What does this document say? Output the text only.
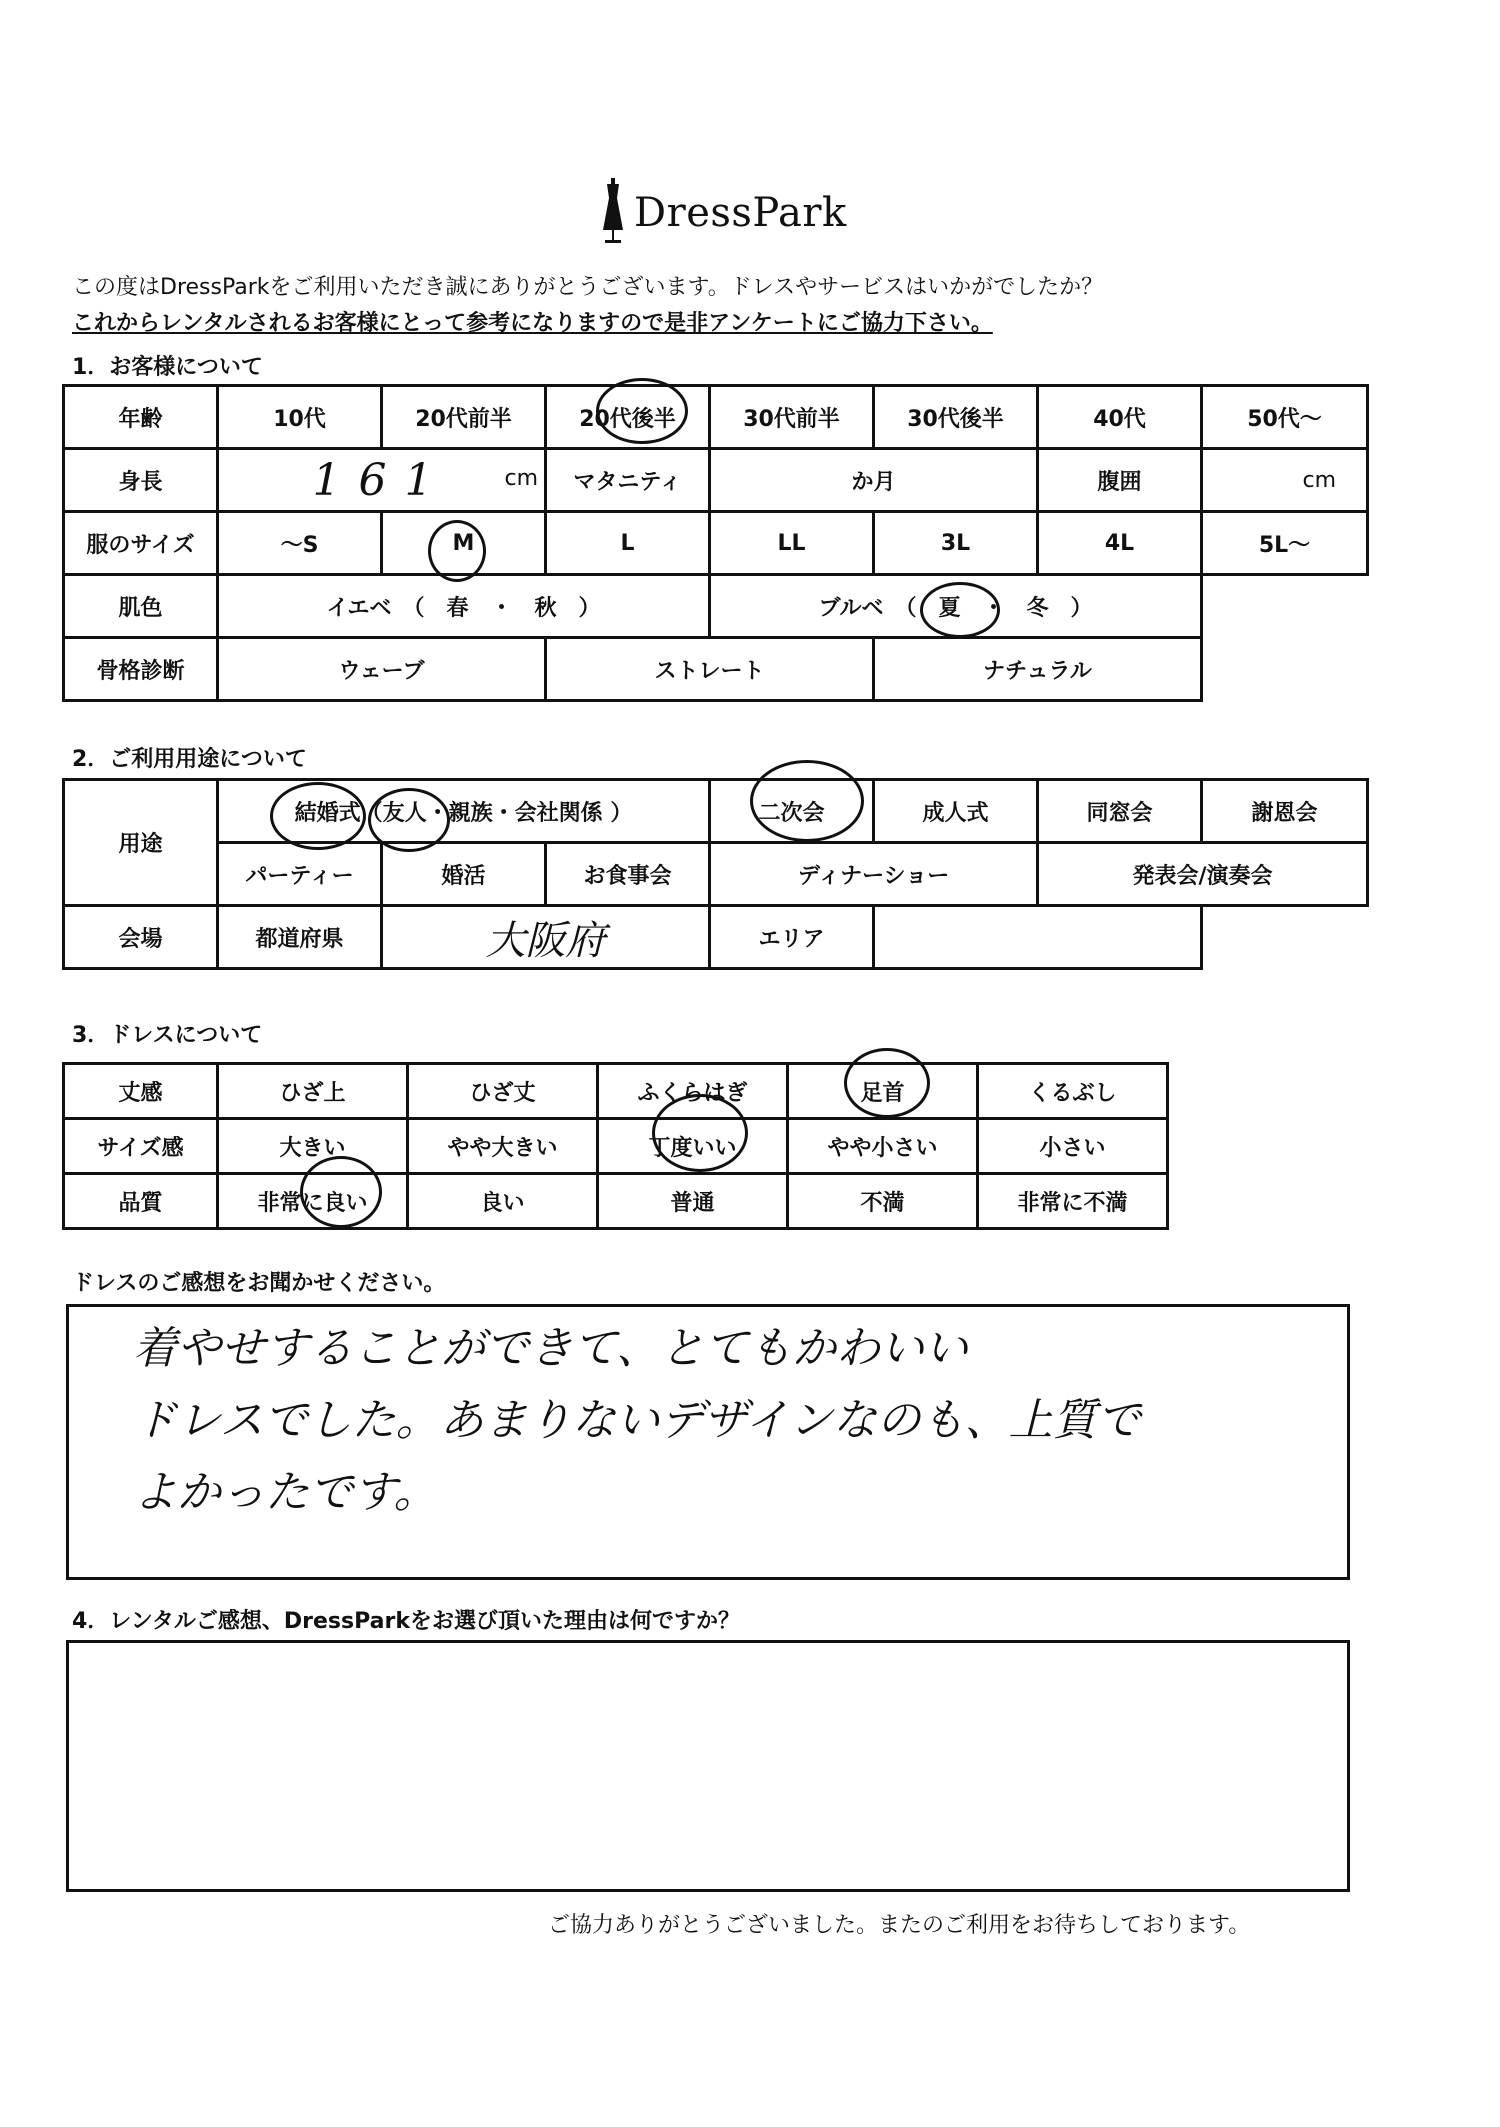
DressPark
この度はDressParkをご利用いただき誠にありがとうございます。ドレスやサービスはいかがでしたか？
これからレンタルされるお客様にとって参考になりますので是非アンケートにご協力下さい。
1．お客様について
年齢	10代	20代前半	20代後半	30代前半	30代後半	40代	50代〜
身長	161 cm		マタニティ	か月		腹囲	cm
服のサイズ	〜S	M	L	LL	3L	4L	5L〜
肌色	イエベ　（　春　・　秋　）			ブルベ　（　夏　・　冬　）			
骨格診断	ウェーブ		ストレート		ナチュラル		
2．ご利用用途について
用途	結婚式（友人・親族・会社関係 ）			二次会	成人式	同窓会	謝恩会
	パーティー	婚活	お食事会	ディナーショー		発表会/演奏会	
会場	都道府県	大阪府		エリア			
3．ドレスについて
丈感	ひざ上	ひざ丈	ふくらはぎ	足首	くるぶし
サイズ感	大きい	やや大きい	丁度いい	やや小さい	小さい
品質	非常に良い	良い	普通	不満	非常に不満
ドレスのご感想をお聞かせください。
着やせすることができて、とてもかわいい
ドレスでした。あまりないデザインなのも、上質で
よかったです。
4．レンタルご感想、DressParkをお選び頂いた理由は何ですか？
ご協力ありがとうございました。またのご利用をお待ちしております。
